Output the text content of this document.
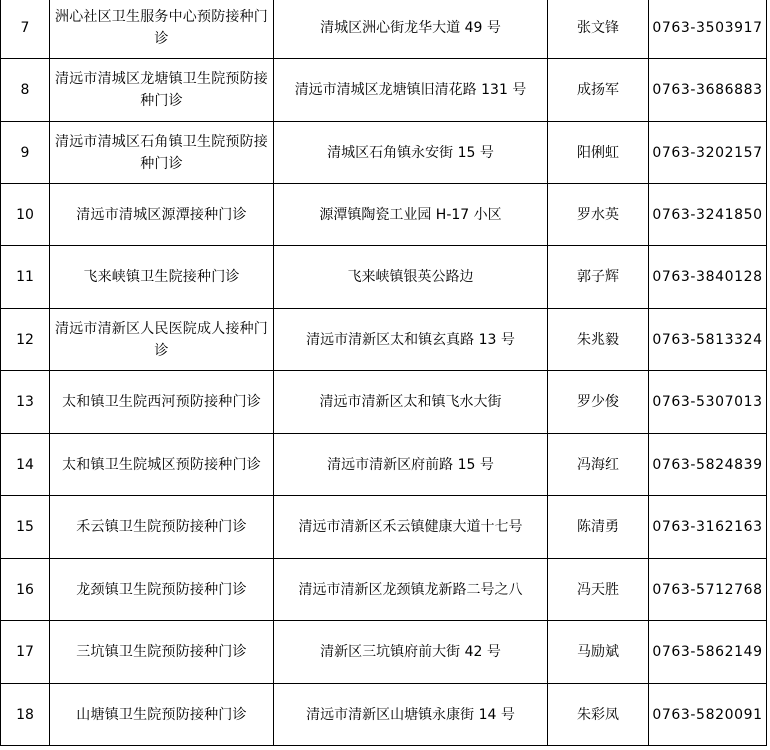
7	洲心社区卫生服务中心预防接种门诊	清城区洲心街龙华大道 49 号	张文锋	0763-3503917
8	清远市清城区龙塘镇卫生院预防接种门诊	清远市清城区龙塘镇旧清花路 131 号	成扬军	0763-3686883
9	清远市清城区石角镇卫生院预防接种门诊	清城区石角镇永安街 15 号	阳俐虹	0763-3202157
10	清远市清城区源潭接种门诊	源潭镇陶瓷工业园 H-17 小区	罗水英	0763-3241850
11	飞来峡镇卫生院接种门诊	飞来峡镇银英公路边	郭子辉	0763-3840128
12	清远市清新区人民医院成人接种门诊	清远市清新区太和镇玄真路 13 号	朱兆毅	0763-5813324
13	太和镇卫生院西河预防接种门诊	清远市清新区太和镇飞水大街	罗少俊	0763-5307013
14	太和镇卫生院城区预防接种门诊	清远市清新区府前路 15 号	冯海红	0763-5824839
15	禾云镇卫生院预防接种门诊	清远市清新区禾云镇健康大道十七号	陈清勇	0763-3162163
16	龙颈镇卫生院预防接种门诊	清远市清新区龙颈镇龙新路二号之八	冯天胜	0763-5712768
17	三坑镇卫生院预防接种门诊	清新区三坑镇府前大街 42 号	马励斌	0763-5862149
18	山塘镇卫生院预防接种门诊	清远市清新区山塘镇永康街 14 号	朱彩凤	0763-5820091
